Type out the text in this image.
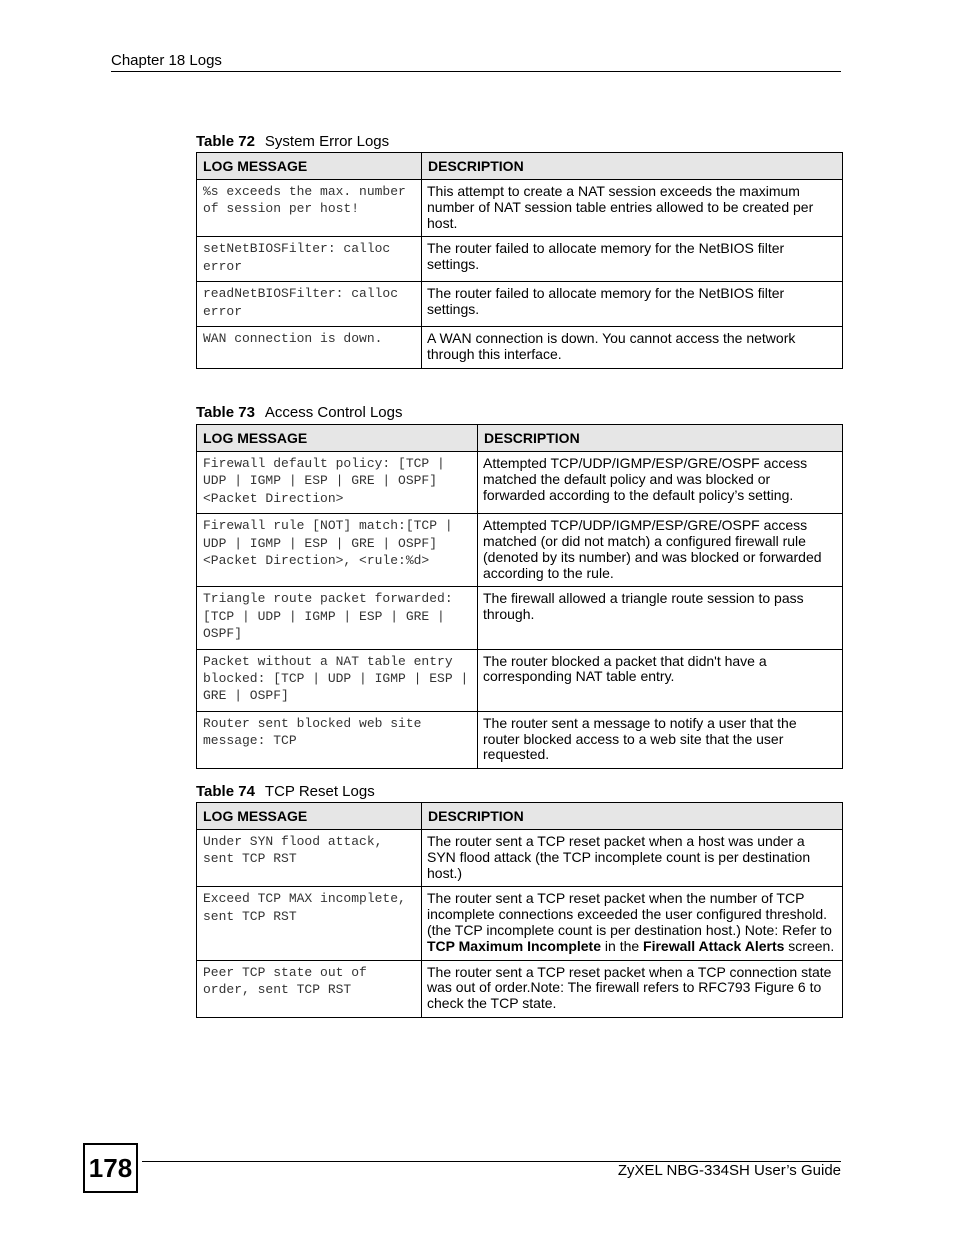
Chapter 18 Logs
Table 72 System Error Logs
LOG MESSAGE	DESCRIPTION
%s exceeds the max. number of session per host!	This attempt to create a NAT session exceeds the maximum number of NAT session table entries allowed to be created per host.
setNetBIOSFilter: calloc error	The router failed to allocate memory for the NetBIOS filter settings.
readNetBIOSFilter: calloc error	The router failed to allocate memory for the NetBIOS filter settings.
WAN connection is down.	A WAN connection is down. You cannot access the network through this interface.
Table 73 Access Control Logs
LOG MESSAGE	DESCRIPTION
Firewall default policy: [TCP | UDP | IGMP | ESP | GRE | OSPF] <Packet Direction>	Attempted TCP/UDP/IGMP/ESP/GRE/OSPF access matched the default policy and was blocked or forwarded according to the default policy’s setting.
Firewall rule [NOT] match:[TCP | UDP | IGMP | ESP | GRE | OSPF] <Packet Direction>, <rule:%d>	Attempted TCP/UDP/IGMP/ESP/GRE/OSPF access matched (or did not match) a configured firewall rule (denoted by its number) and was blocked or forwarded according to the rule.
Triangle route packet forwarded: [TCP | UDP | IGMP | ESP | GRE | OSPF]	The firewall allowed a triangle route session to pass through.
Packet without a NAT table entry blocked: [TCP | UDP | IGMP | ESP | GRE | OSPF]	The router blocked a packet that didn't have a corresponding NAT table entry.
Router sent blocked web site message: TCP	The router sent a message to notify a user that the router blocked access to a web site that the user requested.
Table 74 TCP Reset Logs
LOG MESSAGE	DESCRIPTION
Under SYN flood attack, sent TCP RST	The router sent a TCP reset packet when a host was under a SYN flood attack (the TCP incomplete count is per destination host.)
Exceed TCP MAX incomplete, sent TCP RST	The router sent a TCP reset packet when the number of TCP incomplete connections exceeded the user configured threshold. (the TCP incomplete count is per destination host.) Note: Refer to TCP Maximum Incomplete in the Firewall Attack Alerts screen.
Peer TCP state out of order, sent TCP RST	The router sent a TCP reset packet when a TCP connection state was out of order.Note: The firewall refers to RFC793 Figure 6 to check the TCP state.
178	ZyXEL NBG-334SH User’s Guide
